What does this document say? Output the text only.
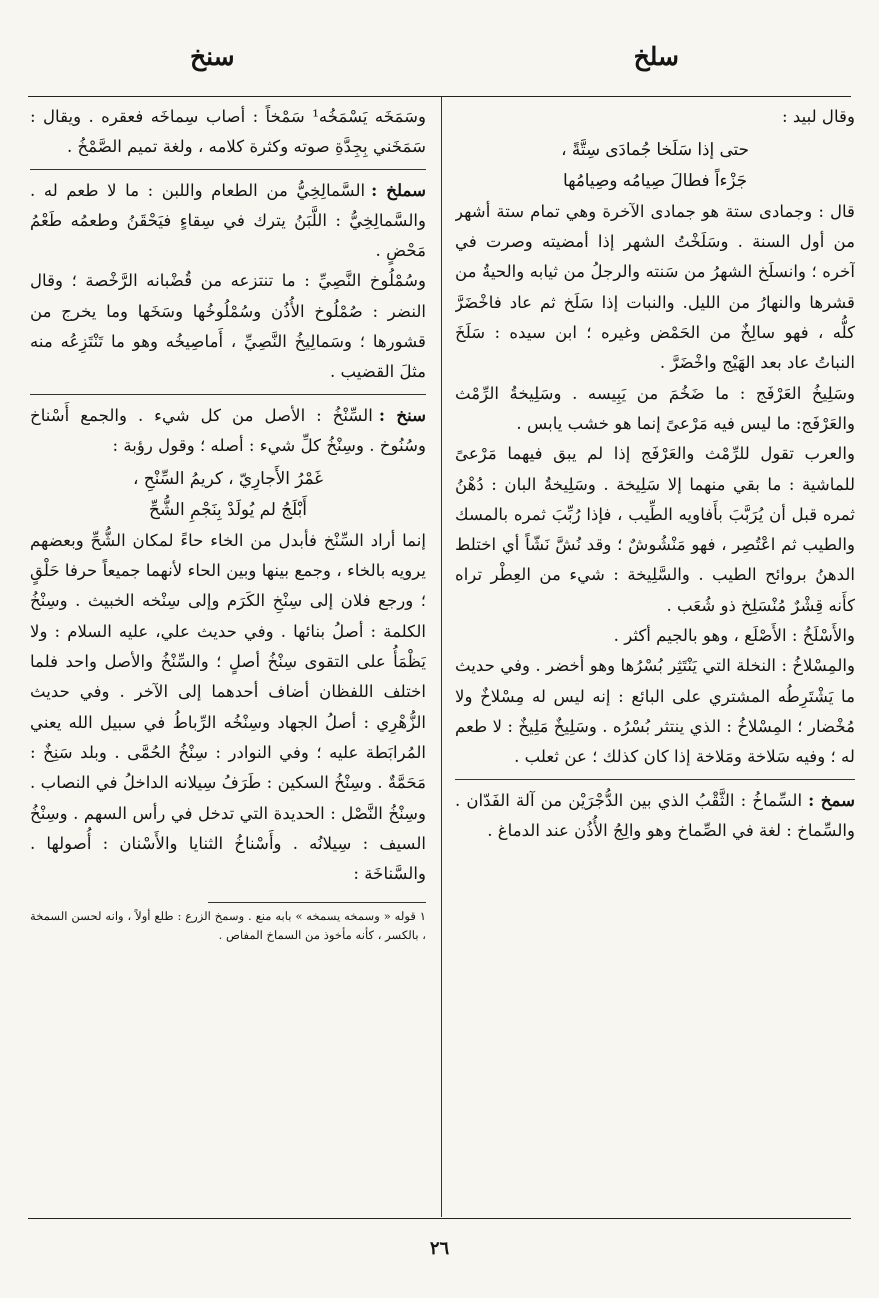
سلخ
سنخ

وقال لبيد :

حتى إذا سَلَخا جُمادَى سِتَّةً ،
جَزْءاً فطالَ صِيامُه وصِيامُها

قال : وجمادى ستة هو جمادى الآخرة وهي تمام ستة أشهر من أول السنة . وسَلَخْتُ الشهر إذا أمضيته وصرت في آخره ؛ وانسلَخ الشهرُ من سَنته والرجلُ من ثيابه والحيةُ من قشرها والنهارُ من الليل. والنبات إذا سَلَخ ثم عاد فاخْضَرَّ كلُّه ، فهو سالِخٌ من الحَمْض وغيره ؛ ابن سيده : سَلَخَ النباتُ عاد بعد الهَيْج واخْضَرَّ .

وسَلِيخُ العَرْفَج : ما ضَخُمَ من يَبِيسه . وسَلِيخةُ الرِّمْث والعَرْفَج: ما ليس فيه مَرْعىً إنما هو خشب يابس .

والعرب تقول للرِّمْث والعَرْفَج إذا لم يبق فيهما مَرْعىً للماشية : ما بقي منهما إلا سَلِيخة . وسَلِيخةُ البان : دُهْنُ ثمره قبل أن يُرَبَّبَ بأَفاويه الطِّيب ، فإذا رُبِّبَ ثمره بالمسك والطيب ثم اعْتُصِر ، فهو مَنْشُوشٌ ؛ وقد نُشَّ نَشّاً أي اختلط الدهنُ بروائح الطيب . والسَّلِيخة : شيء من العِطْر تراه كأَنه قِشْرٌ مُنْسَلِخ ذو شُعَب .

والأَسْلَخُ : الأَصْلَع ، وهو بالجيم أكثر .

والمِسْلاخُ : النخلة التي يَنْتَثِر بُسْرُها وهو أخضر . وفي حديث ما يَشْتَرِطُه المشتري على البائع : إنه ليس له مِسْلاخٌ ولا مُخْضار ؛ المِسْلاخُ : الذي ينتثر بُسْرُه . وسَلِيخٌ مَلِيخٌ : لا طعم له ؛ وفيه سَلاخة ومَلاخة إذا كان كذلك ؛ عن ثعلب .

سمخ :السِّماخُ : الثَّقْبُ الذي بين الدُّجْرَيْن من آلة الفَدّان . والسِّماخ : لغة في الصِّماخ وهو والِجُ الأُذُن عند الدماغ .

وسَمَخَه يَسْمَخُه¹ سَمْخاً : أصاب سِماخَه فعقره . ويقال : سَمَخَني بِجِدَّةِ صوته وكثرة كلامه ، ولغة تميم الصَّمْخُ .

سملخ :السَّمالِخِيُّ من الطعام واللبن : ما لا طعم له . والسَّمالِخِيُّ : اللَّبَنُ يترك في سِقاءٍ فيَحْقَنُ وطعمُه طَعْمُ مَحْضٍ .

وسُمْلُوخ النَّصِيِّ : ما تنتزعه من قُضْبانه الرَّخْصة ؛ وقال النضر : صُمْلُوخ الأُذُن وسُمْلُوخُها وسَخَها وما يخرج من قشورها ؛ وسَمالِيخُ النَّصِيِّ ، أَماصِيخُه وهو ما تَنْتَزِعُه منه مثلَ القضيب .

سنخ :السِّنْخُ : الأصل من كل شيء . والجمع أَسْناخ وسُنُوخ . وسِنْخُ كلِّ شيء : أصله ؛ وقول رؤبة :

غَمْرُ الأَجارِيّ ، كريمُ السِّنْحِ ،
أَبْلَجُ لم يُولَدْ بِنَجْمِ الشُّحِّ

إنما أراد السِّنْخ فأبدل من الخاء حاءً لمكان الشُّحِّ وبعضهم يرويه بالخاء ، وجمع بينها وبين الحاء لأنهما جميعاً حرفا حَلْقٍ ؛ ورجع فلان إلى سِنْخِ الكَرَم وإلى سِنْخه الخبيث . وسِنْخُ الكلمة : أصلُ بنائها . وفي حديث علي، عليه السلام : ولا يَظْمَأُ على التقوى سِنْخُ أصلٍ ؛ والسِّنْخُ والأصل واحد فلما اختلف اللفظان أضاف أحدهما إلى الآخر . وفي حديث الزُّهْرِي : أصلُ الجهاد وسِنْخُه الرِّباطُ في سبيل الله يعني المُرابَطة عليه ؛ وفي النوادر : سِنْخُ الحُمَّى . وبلد سَنِخٌ : مَحَمَّةٌ . وسِنْخُ السكين : طَرَفُ سِيلانه الداخلُ في النصاب . وسِنْخُ النَّصْل : الحديدة التي تدخل في رأس السهم . وسِنْخُ السيف : سِيلانُه . وأَسْناخُ الثنايا والأَسْنان : أُصولها . والسَّناخَة :

١ قوله « وسمخه يسمخه » بابه منع . وسمخ الزرع : طلع أولاً ، وانه لحسن السمخة ، بالكسر ، كأنه مأخوذ من السماخ المفاص .

٢٦
